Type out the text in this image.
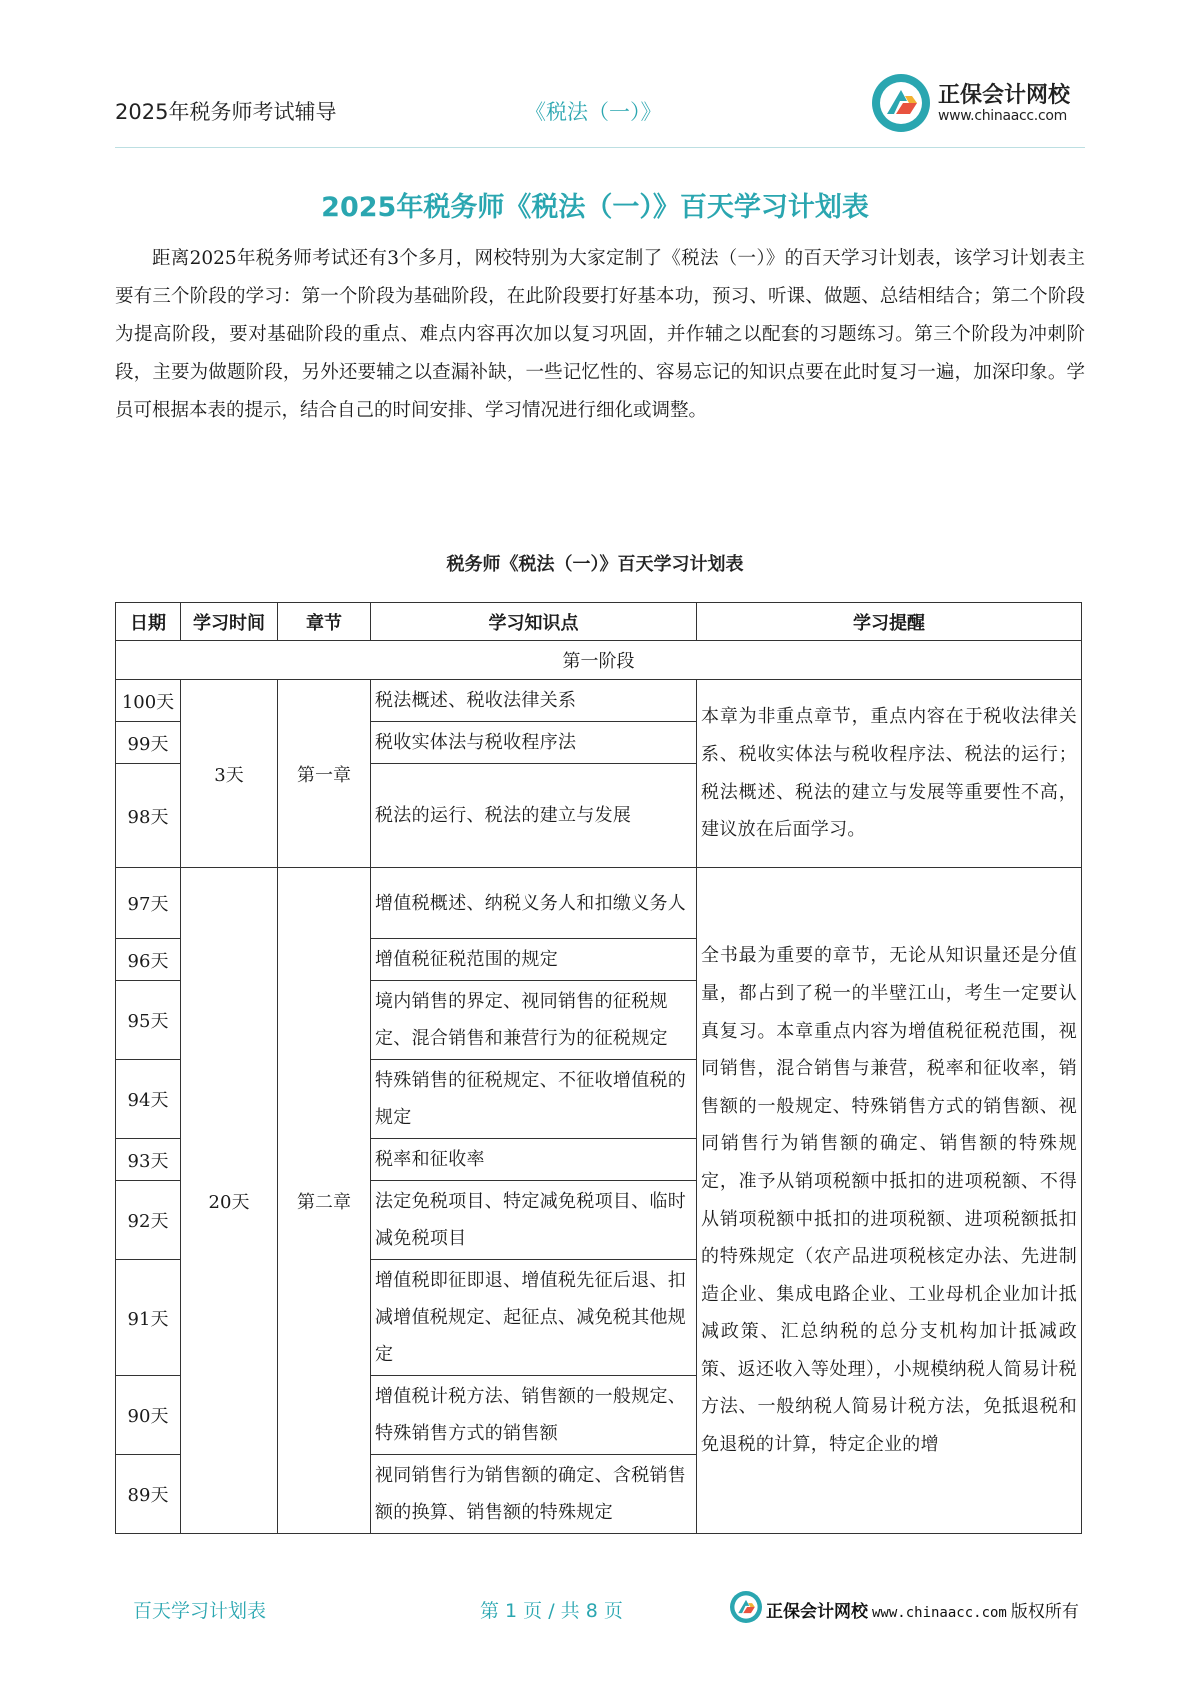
2025年税务师考试辅导	《税法（一）》
正保会计网校
www.chinaacc.com
2025年税务师《税法（一）》百天学习计划表

距离2025年税务师考试还有3个多月，网校特别为大家定制了《税法（一）》的百天学习计划表，该学习计划表主要有三个阶段的学习：第一个阶段为基础阶段，在此阶段要打好基本功，预习、听课、做题、总结相结合；第二个阶段为提高阶段，要对基础阶段的重点、难点内容再次加以复习巩固，并作辅之以配套的习题练习。第三个阶段为冲刺阶段，主要为做题阶段，另外还要辅之以查漏补缺，一些记忆性的、容易忘记的知识点要在此时复习一遍，加深印象。学员可根据本表的提示，结合自己的时间安排、学习情况进行细化或调整。

税务师《税法（一）》百天学习计划表
日期	学习时间	章节	学习知识点	学习提醒
第一阶段				
100天	3天	第一章	税法概述、税收法律关系	本章为非重点章节，重点内容在于税收法律关系、税收实体法与税收程序法、税法的运行；税法概述、税法的建立与发展等重要性不高，建议放在后面学习。
99天			税收实体法与税收程序法	
98天			税法的运行、税法的建立与发展	
97天	20天	第二章	增值税概述、纳税义务人和扣缴义务人	全书最为重要的章节，无论从知识量还是分值量，都占到了税一的半壁江山，考生一定要认真复习。本章重点内容为增值税征税范围，视同销售，混合销售与兼营，税率和征收率，销售额的一般规定、特殊销售方式的销售额、视同销售行为销售额的确定、销售额的特殊规定，准予从销项税额中抵扣的进项税额、不得从销项税额中抵扣的进项税额、进项税额抵扣的特殊规定（农产品进项税核定办法、先进制造企业、集成电路企业、工业母机企业加计抵减政策、汇总纳税的总分支机构加计抵减政策、返还收入等处理），小规模纳税人简易计税方法、一般纳税人简易计税方法，免抵退税和免退税的计算，特定企业的增
96天			增值税征税范围的规定	
95天			境内销售的界定、视同销售的征税规定、混合销售和兼营行为的征税规定	
94天			特殊销售的征税规定、不征收增值税的规定	
93天			税率和征收率	
92天			法定免税项目、特定减免税项目、临时减免税项目	
91天			增值税即征即退、增值税先征后退、扣减增值税规定、起征点、减免税其他规定	
90天			增值税计税方法、销售额的一般规定、特殊销售方式的销售额	
89天			视同销售行为销售额的确定、含税销售额的换算、销售额的特殊规定	
百天学习计划表	第 1 页 / 共 8 页	正保会计网校 www.chinaacc.com 版权所有
